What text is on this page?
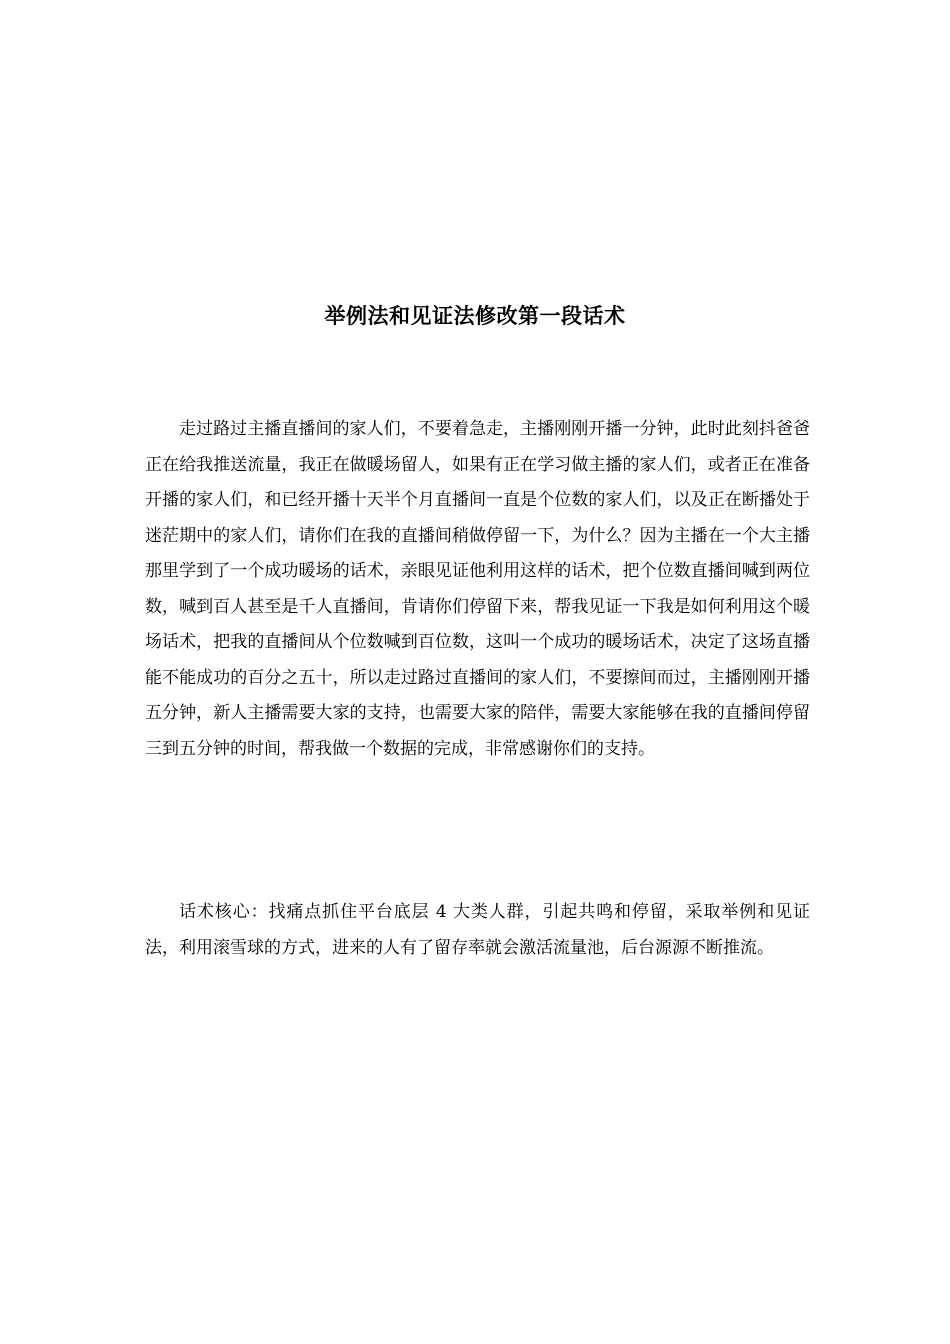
举例法和见证法修改第一段话术

走过路过主播直播间的家人们，不要着急走，主播刚刚开播一分钟，此时此刻抖爸爸正在给我推送流量，我正在做暖场留人，如果有正在学习做主播的家人们，或者正在准备开播的家人们，和已经开播十天半个月直播间一直是个位数的家人们，以及正在断播处于迷茫期中的家人们，请你们在我的直播间稍做停留一下，为什么？因为主播在一个大主播那里学到了一个成功暖场的话术，亲眼见证他利用这样的话术，把个位数直播间喊到两位数，喊到百人甚至是千人直播间，肯请你们停留下来，帮我见证一下我是如何利用这个暖场话术，把我的直播间从个位数喊到百位数，这叫一个成功的暖场话术，决定了这场直播能不能成功的百分之五十，所以走过路过直播间的家人们，不要擦间而过，主播刚刚开播五分钟，新人主播需要大家的支持，也需要大家的陪伴，需要大家能够在我的直播间停留三到五分钟的时间，帮我做一个数据的完成，非常感谢你们的支持。

话术核心：找痛点抓住平台底层 4 大类人群，引起共鸣和停留，采取举例和见证法，利用滚雪球的方式，进来的人有了留存率就会激活流量池，后台源源不断推流。
